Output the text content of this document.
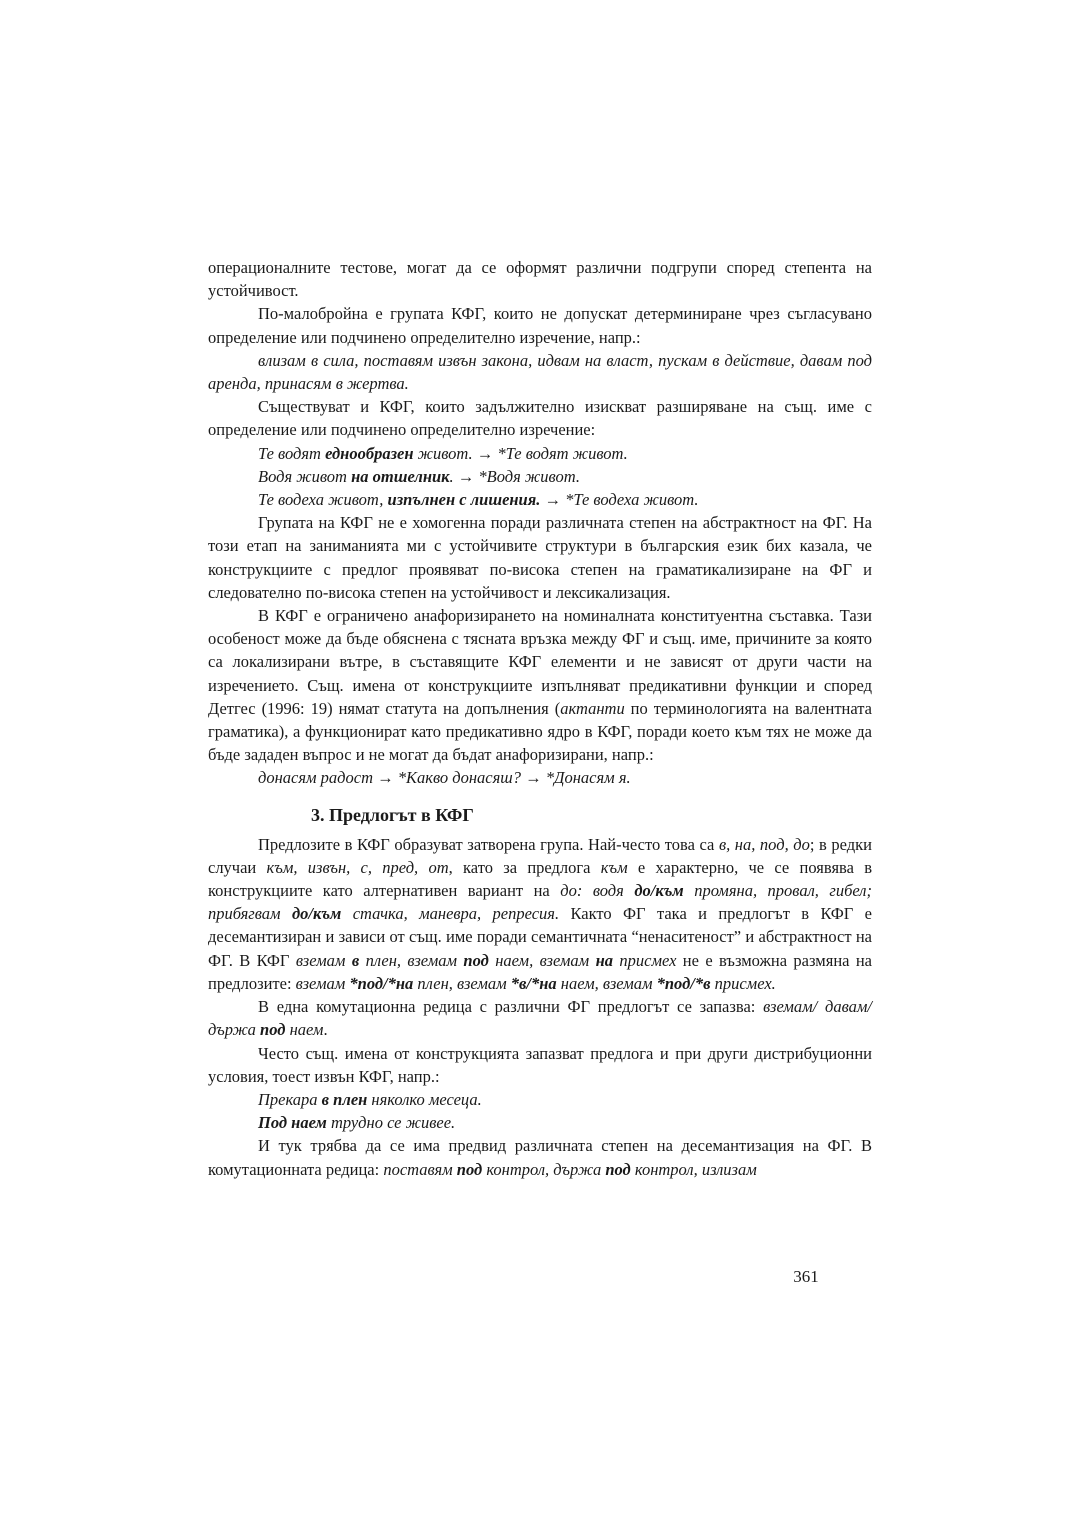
операционалните тестове, могат да се оформят различни подгрупи според степента на устойчивост.

По-малобройна е групата КФГ, които не допускат детерминиране чрез съгласувано определение или подчинено определително изречение, напр.:

влизам в сила, поставям извън закона, идвам на власт, пускам в действие, давам под аренда, принасям в жертва.

Съществуват и КФГ, които задължително изискват разширяване на същ. име с определение или подчинено определително изречение:

Те водят еднообразен живот. → *Те водят живот.

Водя живот на отшелник. → *Водя живот.

Те водеха живот, изпълнен с лишения. → *Те водеха живот.

Групата на КФГ не е хомогенна поради различната степен на абстрактност на ФГ. На този етап на заниманията ми с устойчивите структури в българския език бих казала, че конструкциите с предлог проявяват по-висока степен на граматикализиране на ФГ и следователно по-висока степен на устойчивост и лексикализация.

В КФГ е ограничено анафоризирането на номиналната конституентна съставка. Тази особеност може да бъде обяснена с тясната връзка между ФГ и същ. име, причините за която са локализирани вътре, в съставящите КФГ елементи и не зависят от други части на изречението. Същ. имена от конструкциите изпълняват предикативни функции и според Детгес (1996: 19) нямат статута на допълнения (актанти по терминологията на валентната граматика), а функционират като предикативно ядро в КФГ, поради което към тях не може да бъде зададен въпрос и не могат да бъдат анафоризирани, напр.:

донасям радост → *Какво донасяш? → *Донасям я.

3. Предлогът в КФГ

Предлозите в КФГ образуват затворена група. Най-често това са в, на, под, до; в редки случаи към, извън, с, пред, от, като за предлога към е характерно, че се появява в конструкциите като алтернативен вариант на до: водя до/към промяна, провал, гибел; прибягвам до/към стачка, маневра, репресия. Както ФГ така и предлогът в КФГ е десемантизиран и зависи от същ. име поради семантичната “ненаситеност” и абстрактност на ФГ. В КФГ вземам в плен, вземам под наем, вземам на присмех не е възможна размяна на предлозите: вземам *под/*на плен, вземам *в/*на наем, вземам *под/*в присмех.

В една комутационна редица с различни ФГ предлогът се запазва: вземам/ давам/държа под наем.

Често същ. имена от конструкцията запазват предлога и при други дистрибуционни условия, тоест извън КФГ, напр.:

Прекара в плен няколко месеца.

Под наем трудно се живее.

И тук трябва да се има предвид различната степен на десемантизация на ФГ. В комутационната редица: поставям под контрол, държа под контрол, излизам

361
